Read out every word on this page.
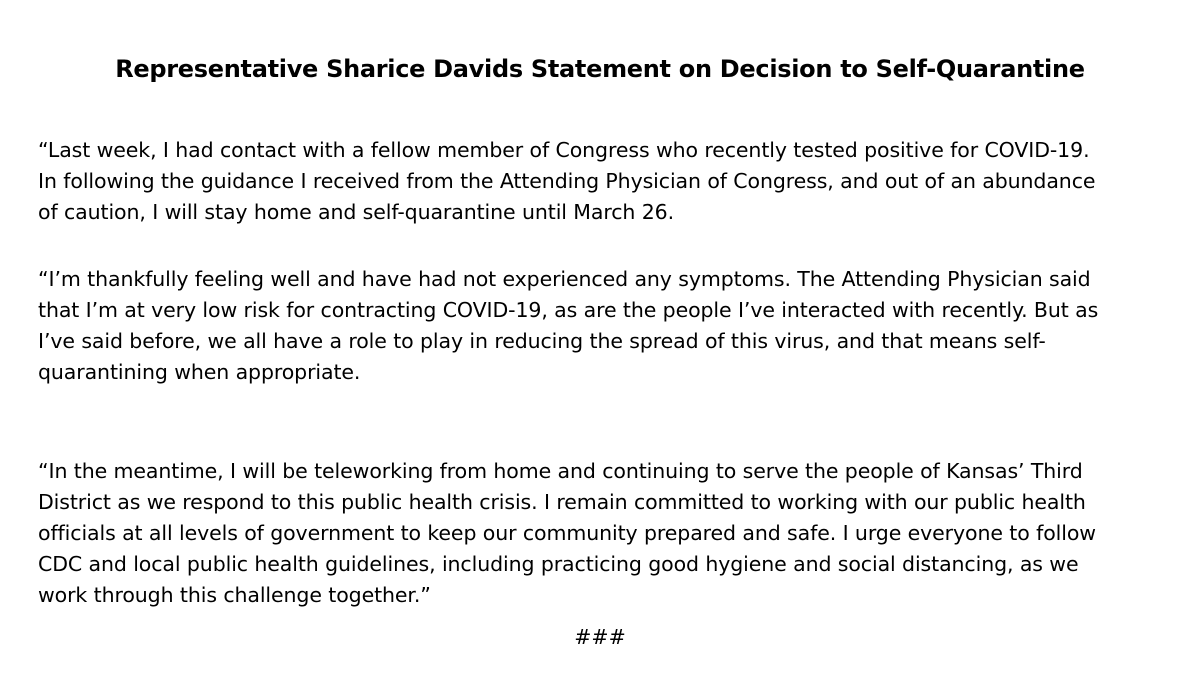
Representative Sharice Davids Statement on Decision to Self-Quarantine

“Last week, I had contact with a fellow member of Congress who recently tested positive for COVID-19.
In following the guidance I received from the Attending Physician of Congress, and out of an abundance
of caution, I will stay home and self-quarantine until March 26.

“I’m thankfully feeling well and have had not experienced any symptoms. The Attending Physician said
that I’m at very low risk for contracting COVID-19, as are the people I’ve interacted with recently. But as
I’ve said before, we all have a role to play in reducing the spread of this virus, and that means self-
quarantining when appropriate.

“In the meantime, I will be teleworking from home and continuing to serve the people of Kansas’ Third
District as we respond to this public health crisis. I remain committed to working with our public health
officials at all levels of government to keep our community prepared and safe. I urge everyone to follow
CDC and local public health guidelines, including practicing good hygiene and social distancing, as we
work through this challenge together.”

###
